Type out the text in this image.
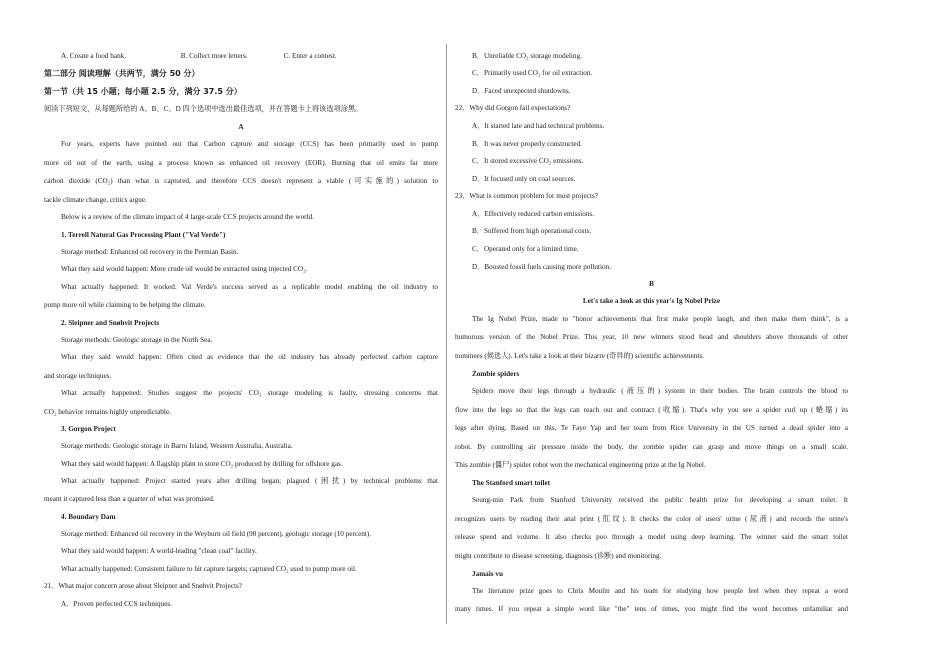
A. Create a food bank.	B. Collect more letters.	C. Enter a contest.
第二部分 阅读理解（共两节，满分 50 分）
第一节（共 15 小题；每小题 2.5 分，满分 37.5 分）
阅读下列短文，从每题所给的 A、B、C、D 四个选项中选出最佳选项，并在答题卡上将该选项涂黑。
A
For years, experts have pointed out that Carbon capture and storage (CCS) has been primarily used to pump
more oil out of the earth, using a process known as enhanced oil recovery (EOR). Burning that oil emits far more
carbon dioxide (CO₂) than what is captured, and therefore CCS doesn't represent a viable (可实施的) solution to
tackle climate change, critics argue.
Below is a review of the climate impact of 4 large-scale CCS projects around the world.
1. Terrell Natural Gas Processing Plant ("Val Verde")
Storage method: Enhanced oil recovery in the Permian Basin.
What they said would happen: More crude oil would be extracted using injected CO₂.
What actually happened: It worked. Val Verde's success served as a replicable model enabling the oil industry to
pump more oil while claiming to be helping the climate.
2. Sleipner and Snøhvit Projects
Storage methods: Geologic storage in the North Sea.
What they said would happen: Often cited as evidence that the oil industry has already perfected carbon capture
and storage techniques.
What actually happened: Studies suggest the projects' CO₂ storage modeling is faulty, stressing concerns that
CO₂ behavior remains highly unpredictable.
3. Gorgon Project
Storage methods: Geologic storage in Barro Island, Western Australia, Australia.
What they said would happen: A flagship plant to store CO₂ produced by drilling for offshore gas.
What actually happened: Project started years after drilling began; plagued (困扰) by technical problems that
meant it captured less than a quarter of what was promised.
4. Boundary Dam
Storage method: Enhanced oil recovery in the Weyburn oil field (90 percent), geologic storage (10 percent).
What they said would happen: A world-leading "clean coal" facility.
What actually happened: Consistent failure to hit capture targets; captured CO₂ used to pump more oil.
21．What major concern arose about Sleipner and Snøhvit Projects?
A．Proven perfected CCS techniques.
B．Unreliable CO₂ storage modeling.
C．Primarily used CO₂ for oil extraction.
D．Faced unexpected shutdowns.
22．Why did Gorgon fail expectations?
A．It started late and had technical problems.
B．It was never properly constructed.
C．It stored excessive CO₂ emissions.
D．It focused only on coal sources.
23．What is common problem for most projects?
A．Effectively reduced carbon emissions.
B．Suffered from high operational costs.
C．Operated only for a limited time.
D．Boosted fossil fuels causing more pollution.
B
Let's take a look at this year's Ig Nobel Prize
The Ig Nobel Prize, made to "honor achievements that first make people laugh, and then make them think", is a
humorous version of the Nobel Prize. This year, 10 new winners stood head and shoulders above thousands of other
nominees (候选人). Let's take a look at their bizarre (奇异的) scientific achievements.
Zombie spiders
Spiders move their legs through a hydraulic (液压的) system in their bodies. The brain controls the blood to
flow into the legs so that the legs can reach out and contract (收缩). That's why you see a spider curl up (蜷缩) its
legs after dying. Based on this, Te Faye Yap and her team from Rice University in the US turned a dead spider into a
robot. By controlling air pressure inside the body, the zombie spider can grasp and move things on a small scale.
This zombie (僵尸) spider robot won the mechanical engineering prize at the Ig Nobel.
The Stanford smart toilet
Seung-min Park from Stanford University received the public health prize for developing a smart toilet. It
recognizes users by reading their anal print (肛纹). It checks the color of users' urine (尿液) and records the urine's
release speed and volume. It also checks poo through a model using deep learning. The winner said the smart toilet
might contribute to disease screening, diagnosis (诊断) and monitoring.
Jamais vu
The literature prize goes to Chris Moulin and his team for studying how people feel when they repeat a word
many times. If you repeat a simple word like "the" tens of times, you might find the word becomes unfamiliar and
